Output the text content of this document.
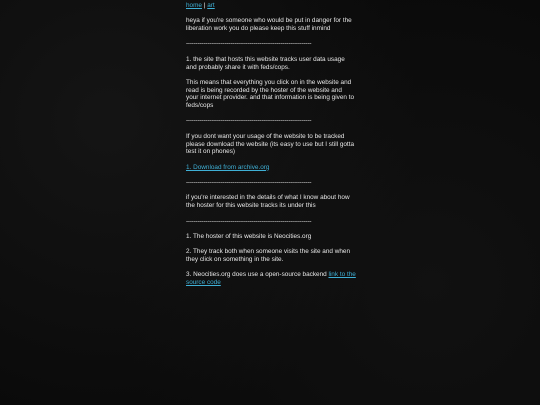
home | art

heya if you're someone who would be put in danger for the liberation work you do please keep this stuff inmind

-----------------------------------------------------------------

1. the site that hosts this website tracks user data usage and probably share it with feds/cops.

This means that everything you click on in the website and read is being recorded by the hoster of the website and your internet provider. and that information is being given to feds/cops

-----------------------------------------------------------------

If you dont want your usage of the website to be tracked please download the website (its easy to use but I still gotta test it on phones)

1. Download from archive.org

-----------------------------------------------------------------

if you're interested in the details of what I know about how the hoster for this website tracks its under this

-----------------------------------------------------------------

1. The hoster of this website is Neocities.org

2. They track both when someone visits the site and when they click on something in the site.

3. Neocities.org does use a open-source backend link to the source code
